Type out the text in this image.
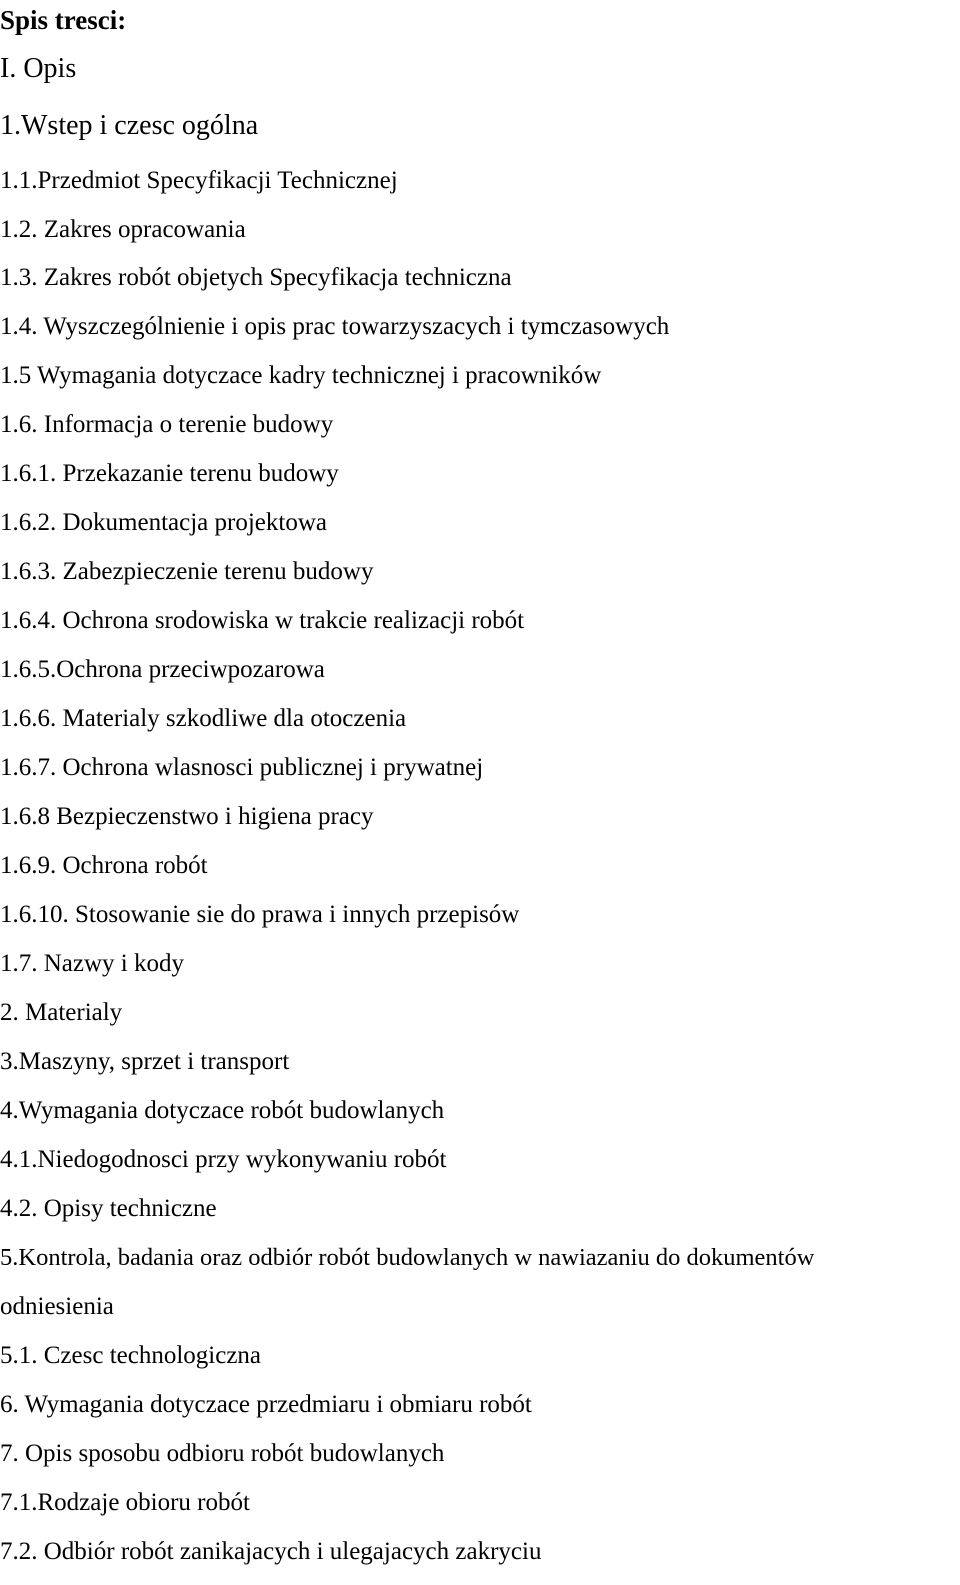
Spis tresci:
I. Opis
1.Wstep i czesc ogólna
1.1.Przedmiot Specyfikacji Technicznej
1.2. Zakres opracowania
1.3. Zakres robót objetych Specyfikacja techniczna
1.4. Wyszczególnienie i opis prac towarzyszacych i tymczasowych
1.5 Wymagania dotyczace kadry technicznej i pracowników
1.6. Informacja o terenie budowy
1.6.1. Przekazanie terenu budowy
1.6.2. Dokumentacja projektowa
1.6.3. Zabezpieczenie terenu budowy
1.6.4. Ochrona srodowiska w trakcie realizacji robót
1.6.5.Ochrona przeciwpozarowa
1.6.6. Materialy szkodliwe dla otoczenia
1.6.7. Ochrona wlasnosci publicznej i prywatnej
1.6.8 Bezpieczenstwo i higiena pracy
1.6.9. Ochrona robót
1.6.10. Stosowanie sie do prawa i innych przepisów
1.7. Nazwy i kody
2. Materialy
3.Maszyny, sprzet i transport
4.Wymagania dotyczace robót budowlanych
4.1.Niedogodnosci przy wykonywaniu robót
4.2. Opisy techniczne
5.Kontrola, badania oraz odbiór robót budowlanych w nawiazaniu do dokumentów
odniesienia
5.1. Czesc technologiczna
6. Wymagania dotyczace przedmiaru i obmiaru robót
7. Opis sposobu odbioru robót budowlanych
7.1.Rodzaje obioru robót
7.2. Odbiór robót zanikajacych i ulegajacych zakryciu
